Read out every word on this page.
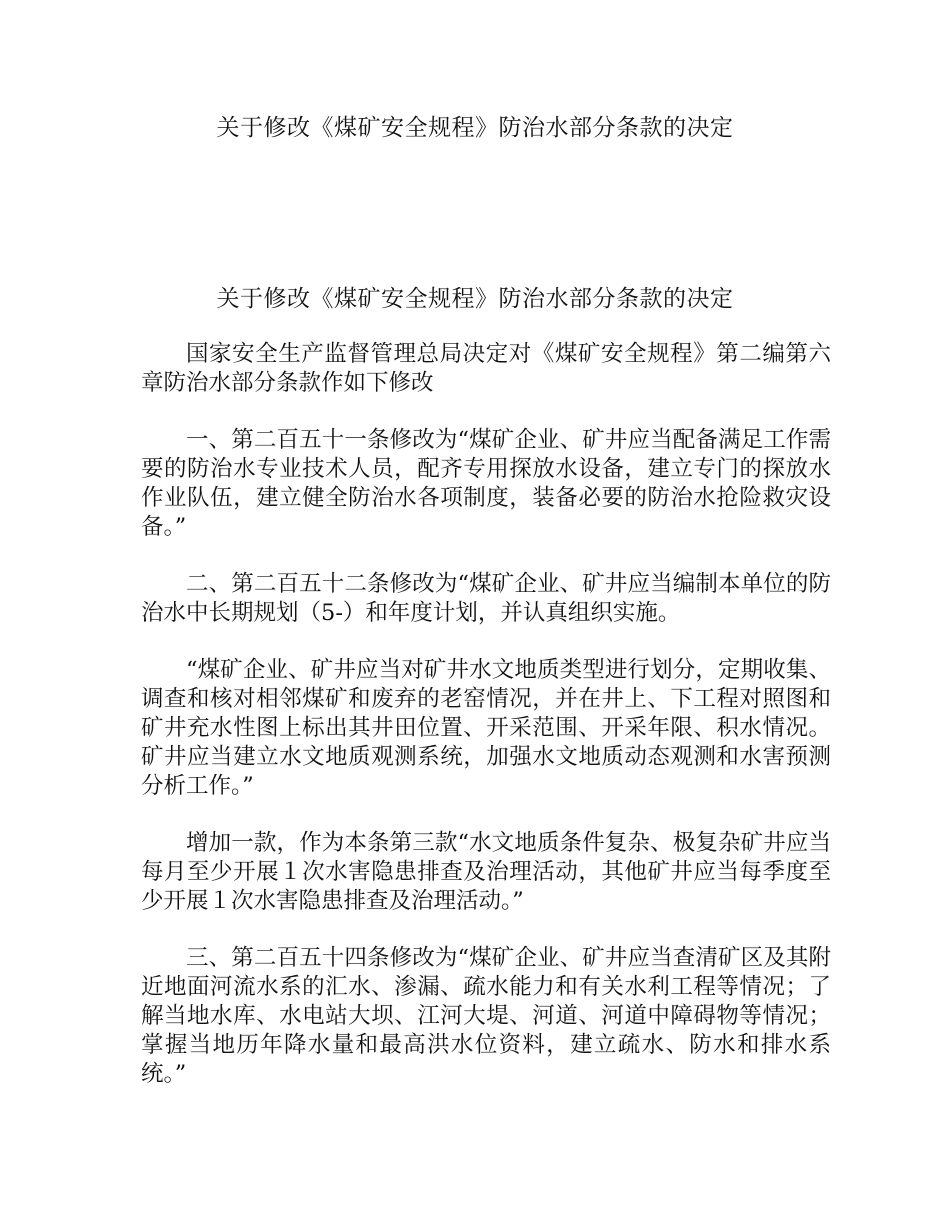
关于修改《煤矿安全规程》防治水部分条款的决定
关于修改《煤矿安全规程》防治水部分条款的决定

国家安全生产监督管理总局决定对《煤矿安全规程》第二编第六章防治水部分条款作如下修改

一、第二百五十一条修改为“煤矿企业、矿井应当配备满足工作需要的防治水专业技术人员，配齐专用探放水设备，建立专门的探放水作业队伍，建立健全防治水各项制度，装备必要的防治水抢险救灾设备。”

二、第二百五十二条修改为“煤矿企业、矿井应当编制本单位的防治水中长期规划（5-）和年度计划，并认真组织实施。

“煤矿企业、矿井应当对矿井水文地质类型进行划分，定期收集、调查和核对相邻煤矿和废弃的老窑情况，并在井上、下工程对照图和矿井充水性图上标出其井田位置、开采范围、开采年限、积水情况。矿井应当建立水文地质观测系统，加强水文地质动态观测和水害预测分析工作。”

增加一款，作为本条第三款“水文地质条件复杂、极复杂矿井应当每月至少开展１次水害隐患排查及治理活动，其他矿井应当每季度至少开展１次水害隐患排查及治理活动。”

三、第二百五十四条修改为“煤矿企业、矿井应当查清矿区及其附近地面河流水系的汇水、渗漏、疏水能力和有关水利工程等情况；了解当地水库、水电站大坝、江河大堤、河道、河道中障碍物等情况；掌握当地历年降水量和最高洪水位资料，建立疏水、防水和排水系统。”
